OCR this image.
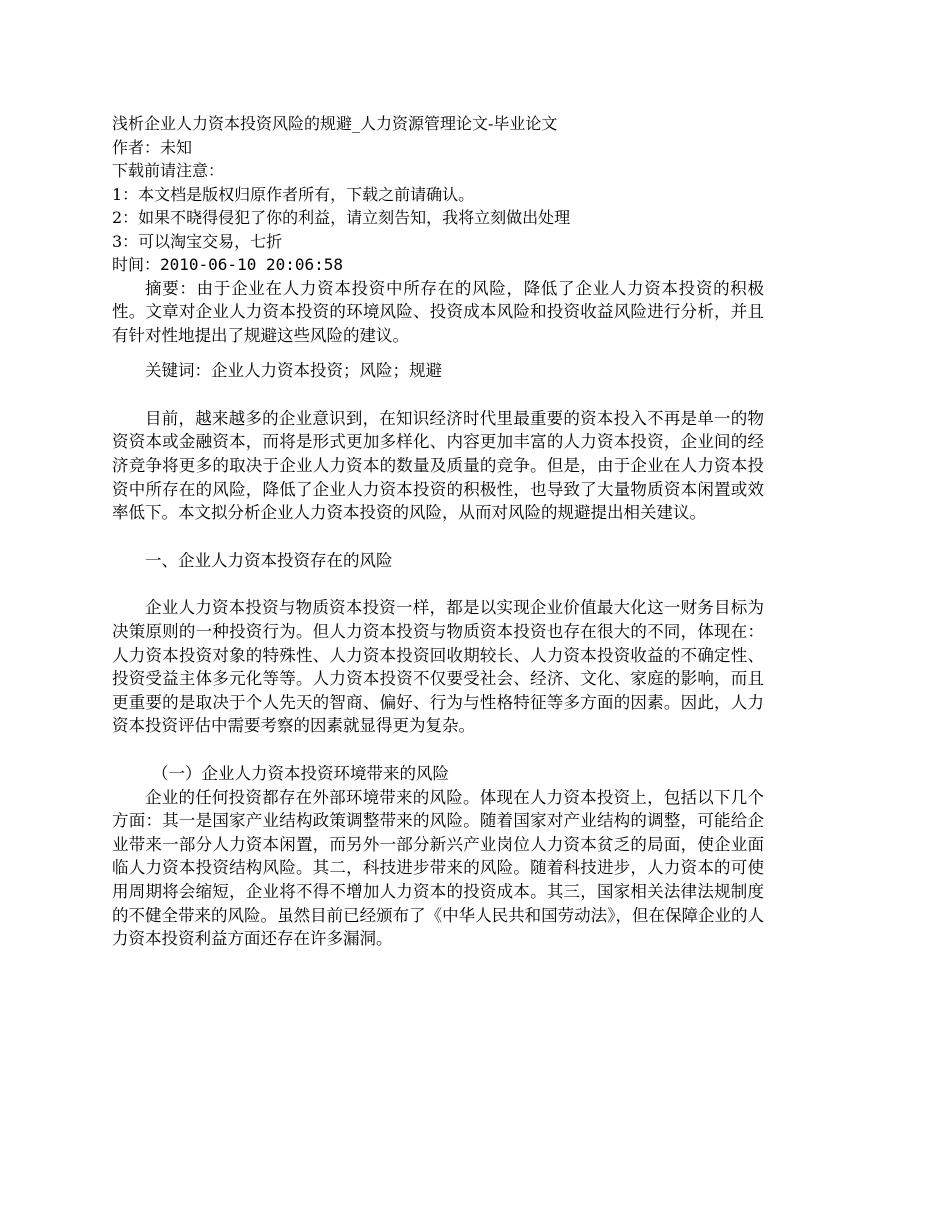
浅析企业人力资本投资风险的规避_人力资源管理论文-毕业论文
作者：未知
下载前请注意：
1：本文档是版权归原作者所有，下载之前请确认。
2：如果不晓得侵犯了你的利益，请立刻告知，我将立刻做出处理
3：可以淘宝交易，七折
时间：2010-06-10 20:06:58

摘要：由于企业在人力资本投资中所存在的风险，降低了企业人力资本投资的积极性。文章对企业人力资本投资的环境风险、投资成本风险和投资收益风险进行分析，并且有针对性地提出了规避这些风险的建议。

关键词：企业人力资本投资；风险；规避

目前，越来越多的企业意识到，在知识经济时代里最重要的资本投入不再是单一的物资资本或金融资本，而将是形式更加多样化、内容更加丰富的人力资本投资，企业间的经济竞争将更多的取决于企业人力资本的数量及质量的竞争。但是，由于企业在人力资本投资中所存在的风险，降低了企业人力资本投资的积极性，也导致了大量物质资本闲置或效率低下。本文拟分析企业人力资本投资的风险，从而对风险的规避提出相关建议。

一、企业人力资本投资存在的风险

企业人力资本投资与物质资本投资一样，都是以实现企业价值最大化这一财务目标为决策原则的一种投资行为。但人力资本投资与物质资本投资也存在很大的不同，体现在：人力资本投资对象的特殊性、人力资本投资回收期较长、人力资本投资收益的不确定性、投资受益主体多元化等等。人力资本投资不仅要受社会、经济、文化、家庭的影响，而且更重要的是取决于个人先天的智商、偏好、行为与性格特征等多方面的因素。因此，人力资本投资评估中需要考察的因素就显得更为复杂。

（一）企业人力资本投资环境带来的风险

企业的任何投资都存在外部环境带来的风险。体现在人力资本投资上，包括以下几个方面：其一是国家产业结构政策调整带来的风险。随着国家对产业结构的调整，可能给企业带来一部分人力资本闲置，而另外一部分新兴产业岗位人力资本贫乏的局面，使企业面临人力资本投资结构风险。其二，科技进步带来的风险。随着科技进步，人力资本的可使用周期将会缩短，企业将不得不增加人力资本的投资成本。其三，国家相关法律法规制度的不健全带来的风险。虽然目前已经颁布了《中华人民共和国劳动法》，但在保障企业的人力资本投资利益方面还存在许多漏洞。
